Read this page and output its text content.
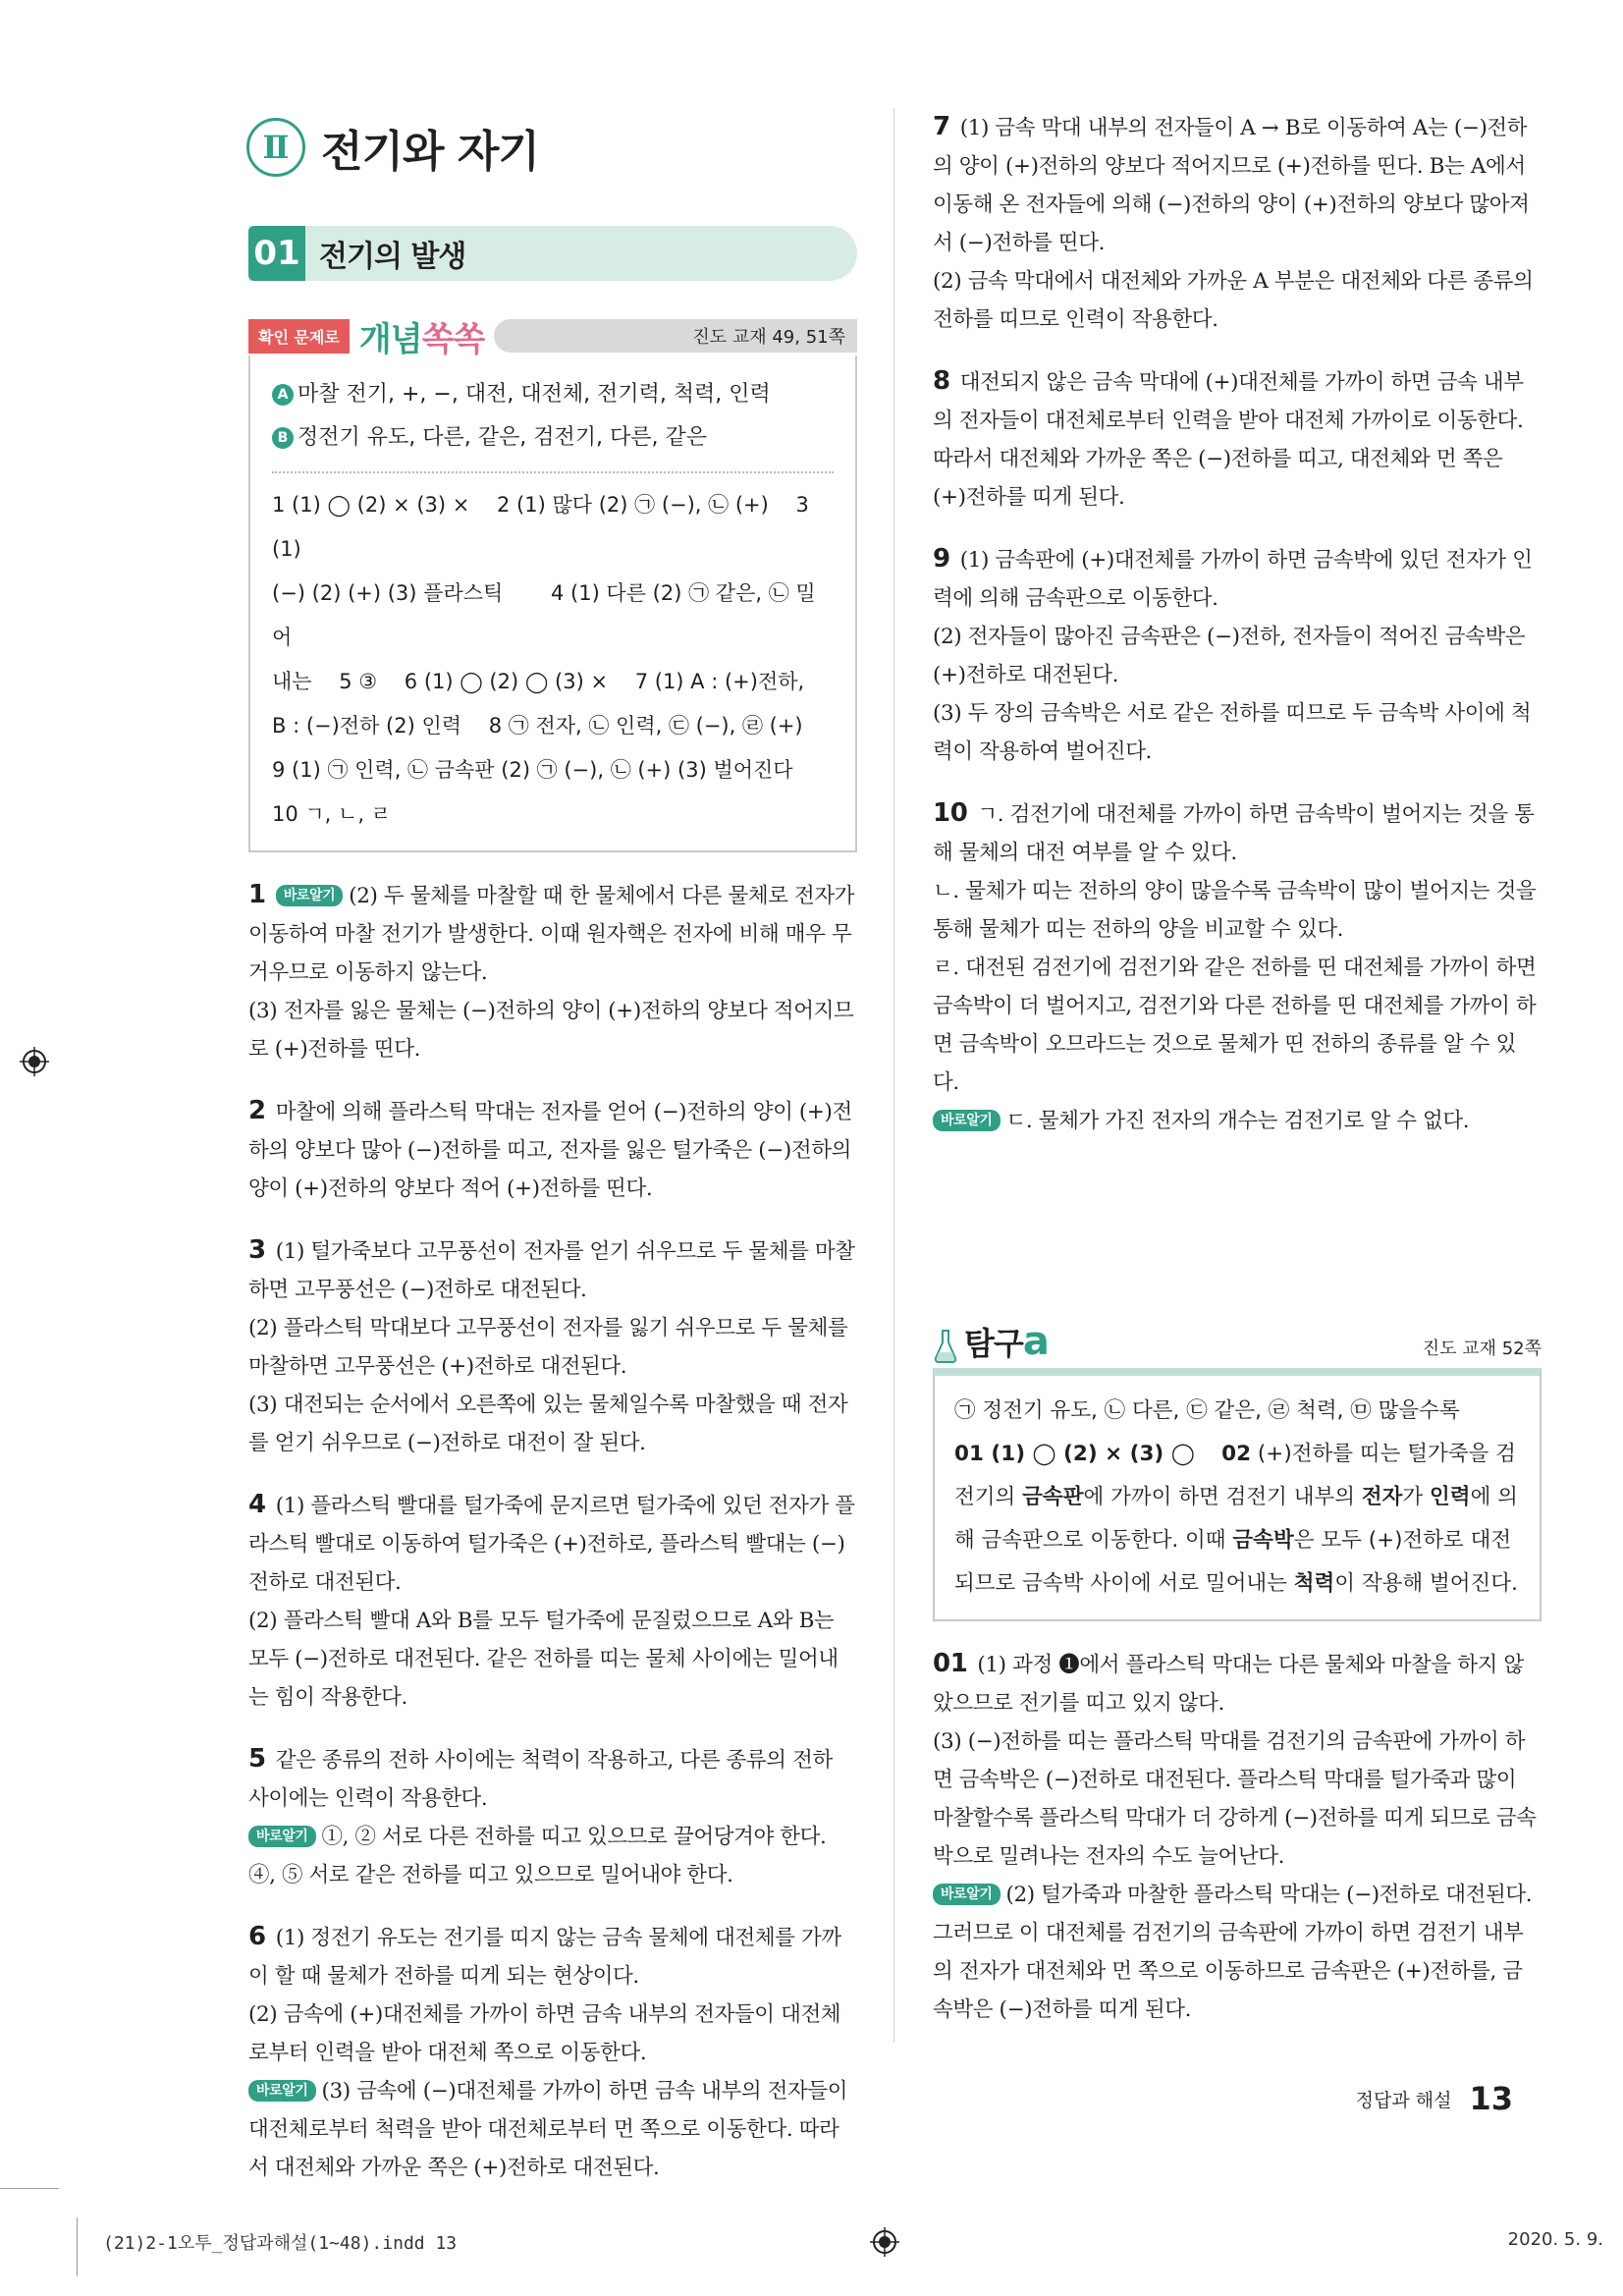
Ⅱ 전기와 자기
01 전기의 발생
확인 문제로 개념쏙쏙	진도 교재 49, 51쪽
A 마찰 전기, +, −, 대전, 대전체, 전기력, 척력, 인력
B 정전기 유도, 다른, 같은, 검전기, 다른, 같은
1 (1) ◯ (2) × (3) ×　 2 (1) 많다 (2) ㉠ (−), ㉡ (+)　 3 (1)
(−) (2) (+) (3) 플라스틱　　 4 (1) 다른 (2) ㉠ 같은, ㉡ 밀어
내는　 5 ③　 6 (1) ◯ (2) ◯ (3) ×　 7 (1) A : (+)전하,
B : (−)전하 (2) 인력　 8 ㉠ 전자, ㉡ 인력, ㉢ (−), ㉣ (+)
9 (1) ㉠ 인력, ㉡ 금속판 (2) ㉠ (−), ㉡ (+) (3) 벌어진다
10 ㄱ, ㄴ, ㄹ

1 바로알기 (2) 두 물체를 마찰할 때 한 물체에서 다른 물체로 전자가 이동하여 마찰 전기가 발생한다. 이때 원자핵은 전자에 비해 매우 무거우므로 이동하지 않는다.

(3) 전자를 잃은 물체는 (−)전하의 양이 (+)전하의 양보다 적어지므로 (+)전하를 띤다.

2 마찰에 의해 플라스틱 막대는 전자를 얻어 (−)전하의 양이 (+)전하의 양보다 많아 (−)전하를 띠고, 전자를 잃은 털가죽은 (−)전하의 양이 (+)전하의 양보다 적어 (+)전하를 띤다.

3 (1) 털가죽보다 고무풍선이 전자를 얻기 쉬우므로 두 물체를 마찰하면 고무풍선은 (−)전하로 대전된다.

(2) 플라스틱 막대보다 고무풍선이 전자를 잃기 쉬우므로 두 물체를 마찰하면 고무풍선은 (+)전하로 대전된다.

(3) 대전되는 순서에서 오른쪽에 있는 물체일수록 마찰했을 때 전자를 얻기 쉬우므로 (−)전하로 대전이 잘 된다.

4 (1) 플라스틱 빨대를 털가죽에 문지르면 털가죽에 있던 전자가 플라스틱 빨대로 이동하여 털가죽은 (+)전하로, 플라스틱 빨대는 (−)전하로 대전된다.

(2) 플라스틱 빨대 A와 B를 모두 털가죽에 문질렀으므로 A와 B는 모두 (−)전하로 대전된다. 같은 전하를 띠는 물체 사이에는 밀어내는 힘이 작용한다.

5 같은 종류의 전하 사이에는 척력이 작용하고, 다른 종류의 전하 사이에는 인력이 작용한다.

바로알기 ①, ② 서로 다른 전하를 띠고 있으므로 끌어당겨야 한다. ④, ⑤ 서로 같은 전하를 띠고 있으므로 밀어내야 한다.

6 (1) 정전기 유도는 전기를 띠지 않는 금속 물체에 대전체를 가까이 할 때 물체가 전하를 띠게 되는 현상이다.

(2) 금속에 (+)대전체를 가까이 하면 금속 내부의 전자들이 대전체로부터 인력을 받아 대전체 쪽으로 이동한다.

바로알기 (3) 금속에 (−)대전체를 가까이 하면 금속 내부의 전자들이 대전체로부터 척력을 받아 대전체로부터 먼 쪽으로 이동한다. 따라서 대전체와 가까운 쪽은 (+)전하로 대전된다.

7 (1) 금속 막대 내부의 전자들이 A → B로 이동하여 A는 (−)전하의 양이 (+)전하의 양보다 적어지므로 (+)전하를 띤다. B는 A에서 이동해 온 전자들에 의해 (−)전하의 양이 (+)전하의 양보다 많아져서 (−)전하를 띤다.

(2) 금속 막대에서 대전체와 가까운 A 부분은 대전체와 다른 종류의 전하를 띠므로 인력이 작용한다.

8 대전되지 않은 금속 막대에 (+)대전체를 가까이 하면 금속 내부의 전자들이 대전체로부터 인력을 받아 대전체 가까이로 이동한다. 따라서 대전체와 가까운 쪽은 (−)전하를 띠고, 대전체와 먼 쪽은 (+)전하를 띠게 된다.

9 (1) 금속판에 (+)대전체를 가까이 하면 금속박에 있던 전자가 인력에 의해 금속판으로 이동한다.

(2) 전자들이 많아진 금속판은 (−)전하, 전자들이 적어진 금속박은 (+)전하로 대전된다.

(3) 두 장의 금속박은 서로 같은 전하를 띠므로 두 금속박 사이에 척력이 작용하여 벌어진다.

10 ㄱ. 검전기에 대전체를 가까이 하면 금속박이 벌어지는 것을 통해 물체의 대전 여부를 알 수 있다.

ㄴ. 물체가 띠는 전하의 양이 많을수록 금속박이 많이 벌어지는 것을 통해 물체가 띠는 전하의 양을 비교할 수 있다.

ㄹ. 대전된 검전기에 검전기와 같은 전하를 띤 대전체를 가까이 하면 금속박이 더 벌어지고, 검전기와 다른 전하를 띤 대전체를 가까이 하면 금속박이 오므라드는 것으로 물체가 띤 전하의 종류를 알 수 있다.

바로알기 ㄷ. 물체가 가진 전자의 개수는 검전기로 알 수 없다.

탐구a	진도 교재 52쪽
㉠ 정전기 유도, ㉡ 다른, ㉢ 같은, ㉣ 척력, ㉤ 많을수록
01 (1) ◯ (2) × (3) ◯ 02 (+)전하를 띠는 털가죽을 검전기의 금속판에 가까이 하면 검전기 내부의 전자가 인력에 의해 금속판으로 이동한다. 이때 금속박은 모두 (+)전하로 대전되므로 금속박 사이에 서로 밀어내는 척력이 작용해 벌어진다.

01 (1) 과정 ❶에서 플라스틱 막대는 다른 물체와 마찰을 하지 않았으므로 전기를 띠고 있지 않다.

(3) (−)전하를 띠는 플라스틱 막대를 검전기의 금속판에 가까이 하면 금속박은 (−)전하로 대전된다. 플라스틱 막대를 털가죽과 많이 마찰할수록 플라스틱 막대가 더 강하게 (−)전하를 띠게 되므로 금속박으로 밀려나는 전자의 수도 늘어난다.

바로알기 (2) 털가죽과 마찰한 플라스틱 막대는 (−)전하로 대전된다. 그러므로 이 대전체를 검전기의 금속판에 가까이 하면 검전기 내부의 전자가 대전체와 먼 쪽으로 이동하므로 금속판은 (+)전하를, 금속박은 (−)전하를 띠게 된다.

정답과 해설 13
(21)2-1오투_정답과해설(1~48).indd 13	2020. 5. 9.
